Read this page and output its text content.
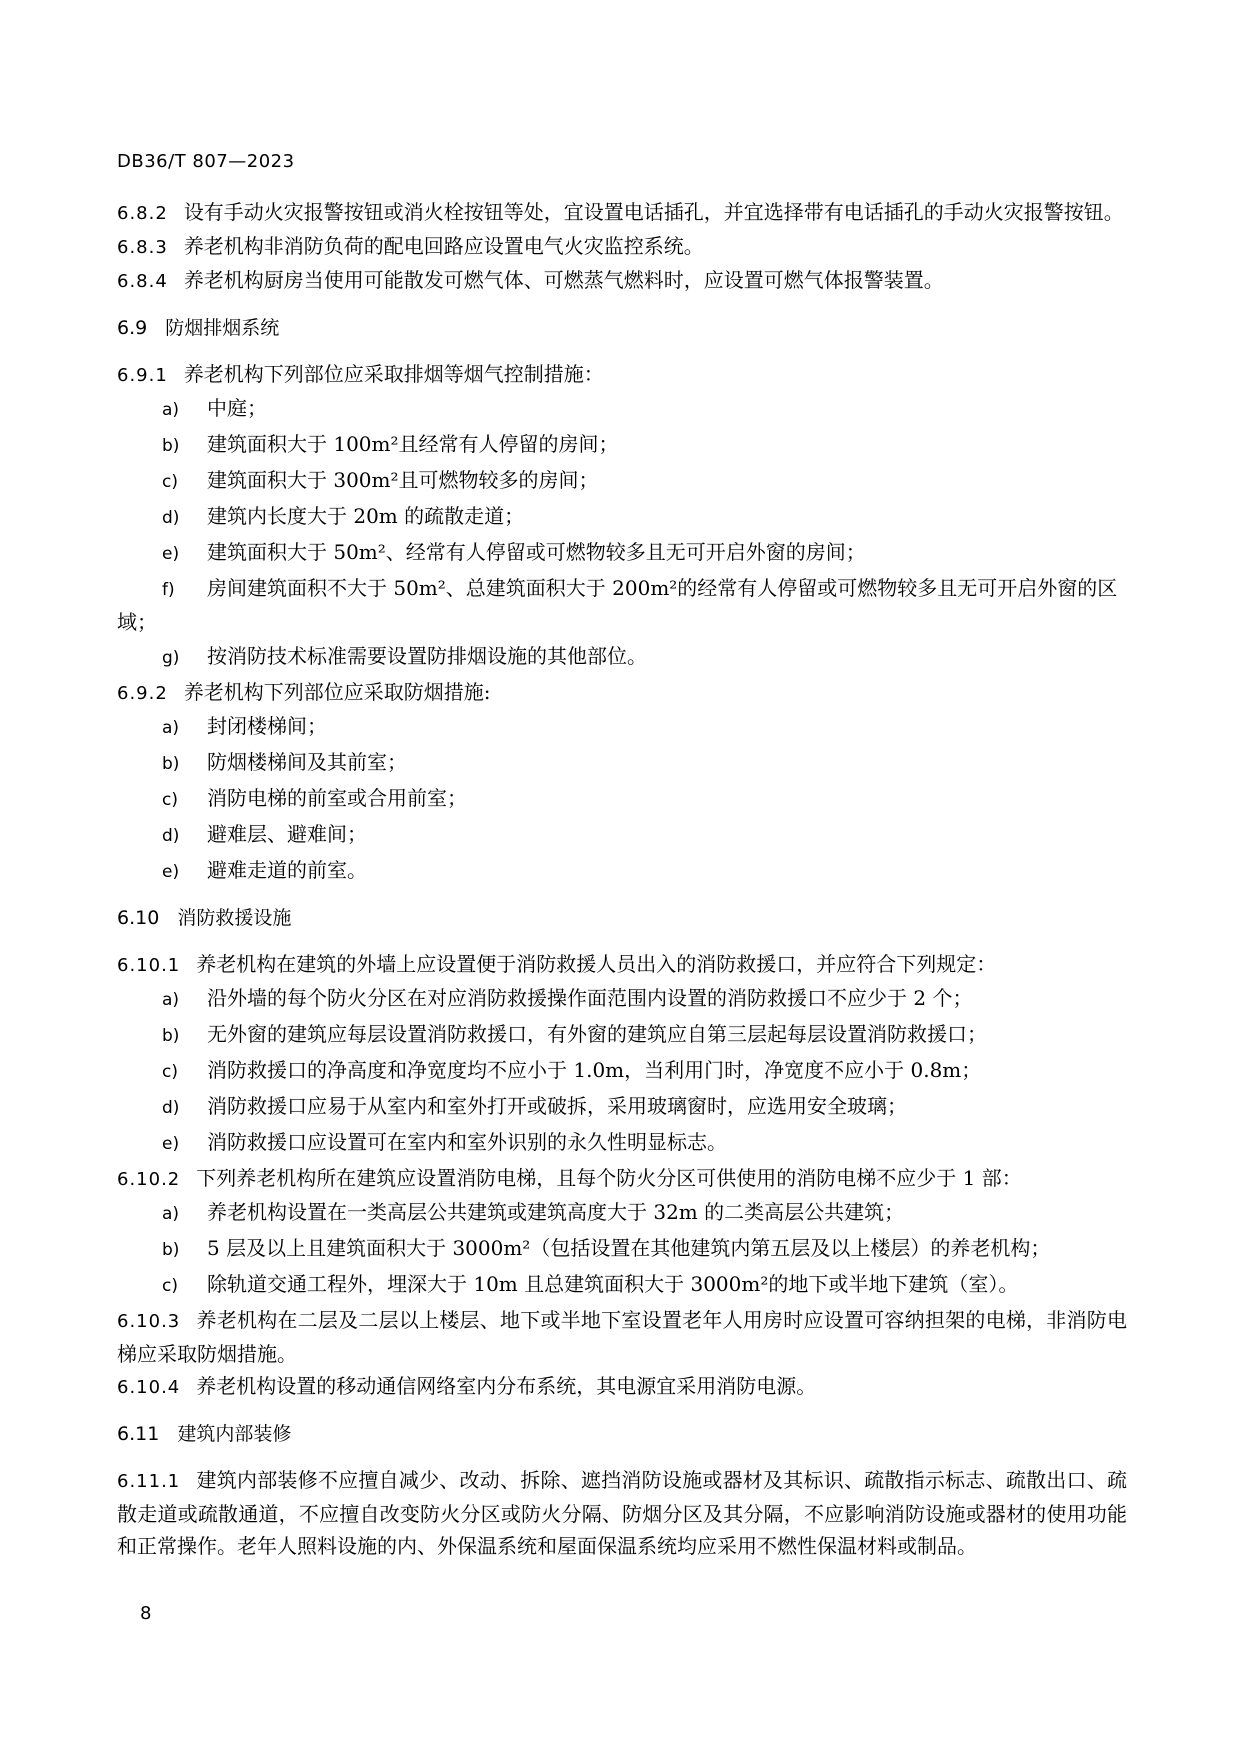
DB36/T 807—2023

6.8.2 设有手动火灾报警按钮或消火栓按钮等处，宜设置电话插孔，并宜选择带有电话插孔的手动火灾报警按钮。

6.8.3 养老机构非消防负荷的配电回路应设置电气火灾监控系统。

6.8.4 养老机构厨房当使用可能散发可燃气体、可燃蒸气燃料时，应设置可燃气体报警装置。

6.9 防烟排烟系统

6.9.1 养老机构下列部位应采取排烟等烟气控制措施：

a) 中庭；
b) 建筑面积大于 100m²且经常有人停留的房间；
c) 建筑面积大于 300m²且可燃物较多的房间；
d) 建筑内长度大于 20m 的疏散走道；
e) 建筑面积大于 50m²、经常有人停留或可燃物较多且无可开启外窗的房间；
f) 房间建筑面积不大于 50m²、总建筑面积大于 200m²的经常有人停留或可燃物较多且无可开启外窗的区域；
g) 按消防技术标准需要设置防排烟设施的其他部位。

6.9.2 养老机构下列部位应采取防烟措施:

a) 封闭楼梯间；
b) 防烟楼梯间及其前室；
c) 消防电梯的前室或合用前室；
d) 避难层、避难间；
e) 避难走道的前室。
6.10 消防救援设施

6.10.1 养老机构在建筑的外墙上应设置便于消防救援人员出入的消防救援口，并应符合下列规定：

a) 沿外墙的每个防火分区在对应消防救援操作面范围内设置的消防救援口不应少于 2 个；
b) 无外窗的建筑应每层设置消防救援口，有外窗的建筑应自第三层起每层设置消防救援口；
c) 消防救援口的净高度和净宽度均不应小于 1.0m，当利用门时，净宽度不应小于 0.8m；
d) 消防救援口应易于从室内和室外打开或破拆，采用玻璃窗时，应选用安全玻璃；
e) 消防救援口应设置可在室内和室外识别的永久性明显标志。

6.10.2 下列养老机构所在建筑应设置消防电梯，且每个防火分区可供使用的消防电梯不应少于 1 部：

a) 养老机构设置在一类高层公共建筑或建筑高度大于 32m 的二类高层公共建筑；
b) 5 层及以上且建筑面积大于 3000m²（包括设置在其他建筑内第五层及以上楼层）的养老机构；
c) 除轨道交通工程外，埋深大于 10m 且总建筑面积大于 3000m²的地下或半地下建筑（室）。

6.10.3 养老机构在二层及二层以上楼层、地下或半地下室设置老年人用房时应设置可容纳担架的电梯，非消防电梯应采取防烟措施。

6.10.4 养老机构设置的移动通信网络室内分布系统，其电源宜采用消防电源。

6.11 建筑内部装修

6.11.1 建筑内部装修不应擅自减少、改动、拆除、遮挡消防设施或器材及其标识、疏散指示标志、疏散出口、疏散走道或疏散通道，不应擅自改变防火分区或防火分隔、防烟分区及其分隔，不应影响消防设施或器材的使用功能和正常操作。老年人照料设施的内、外保温系统和屋面保温系统均应采用不燃性保温材料或制品。

8
